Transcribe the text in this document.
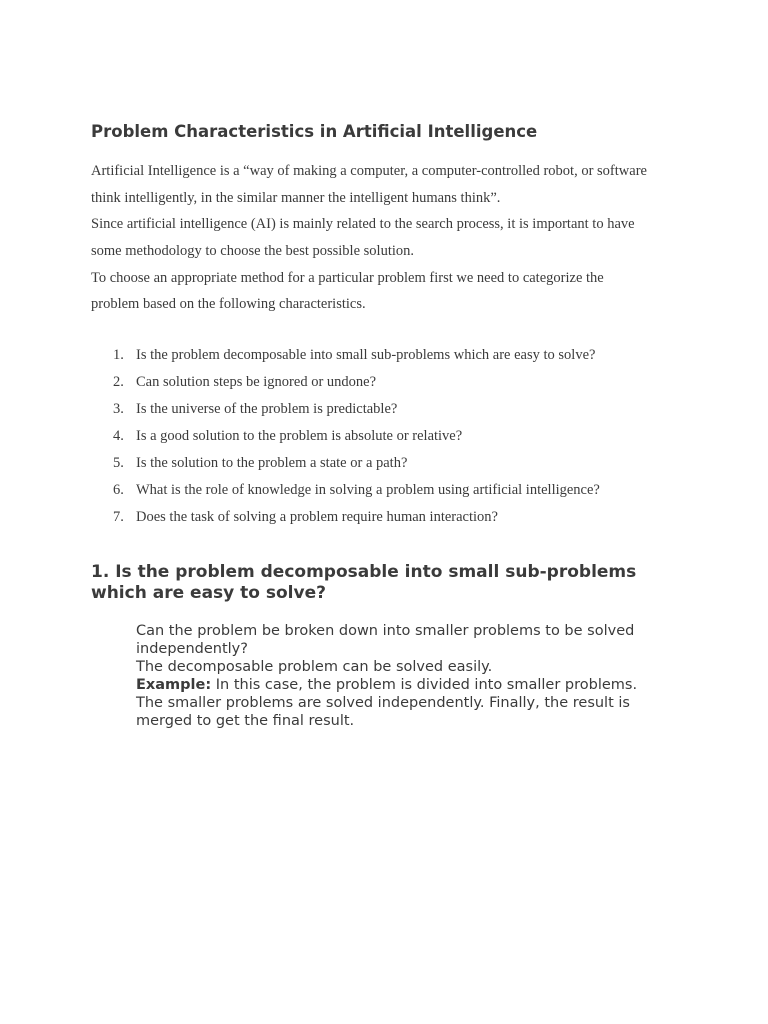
Problem Characteristics in Artificial Intelligence
Artificial Intelligence is a “way of making a computer, a computer-controlled robot, or software
think intelligently, in the similar manner the intelligent humans think”.
Since artificial intelligence (AI) is mainly related to the search process, it is important to have
some methodology to choose the best possible solution.
To choose an appropriate method for a particular problem first we need to categorize the
problem based on the following characteristics.
1. Is the problem decomposable into small sub-problems which are easy to solve?
2. Can solution steps be ignored or undone?
3. Is the universe of the problem is predictable?
4. Is a good solution to the problem is absolute or relative?
5. Is the solution to the problem a state or a path?
6. What is the role of knowledge in solving a problem using artificial intelligence?
7. Does the task of solving a problem require human interaction?
1. Is the problem decomposable into small sub-problems
which are easy to solve?
Can the problem be broken down into smaller problems to be solved
independently?
The decomposable problem can be solved easily.
Example: In this case, the problem is divided into smaller problems.
The smaller problems are solved independently. Finally, the result is
merged to get the final result.
